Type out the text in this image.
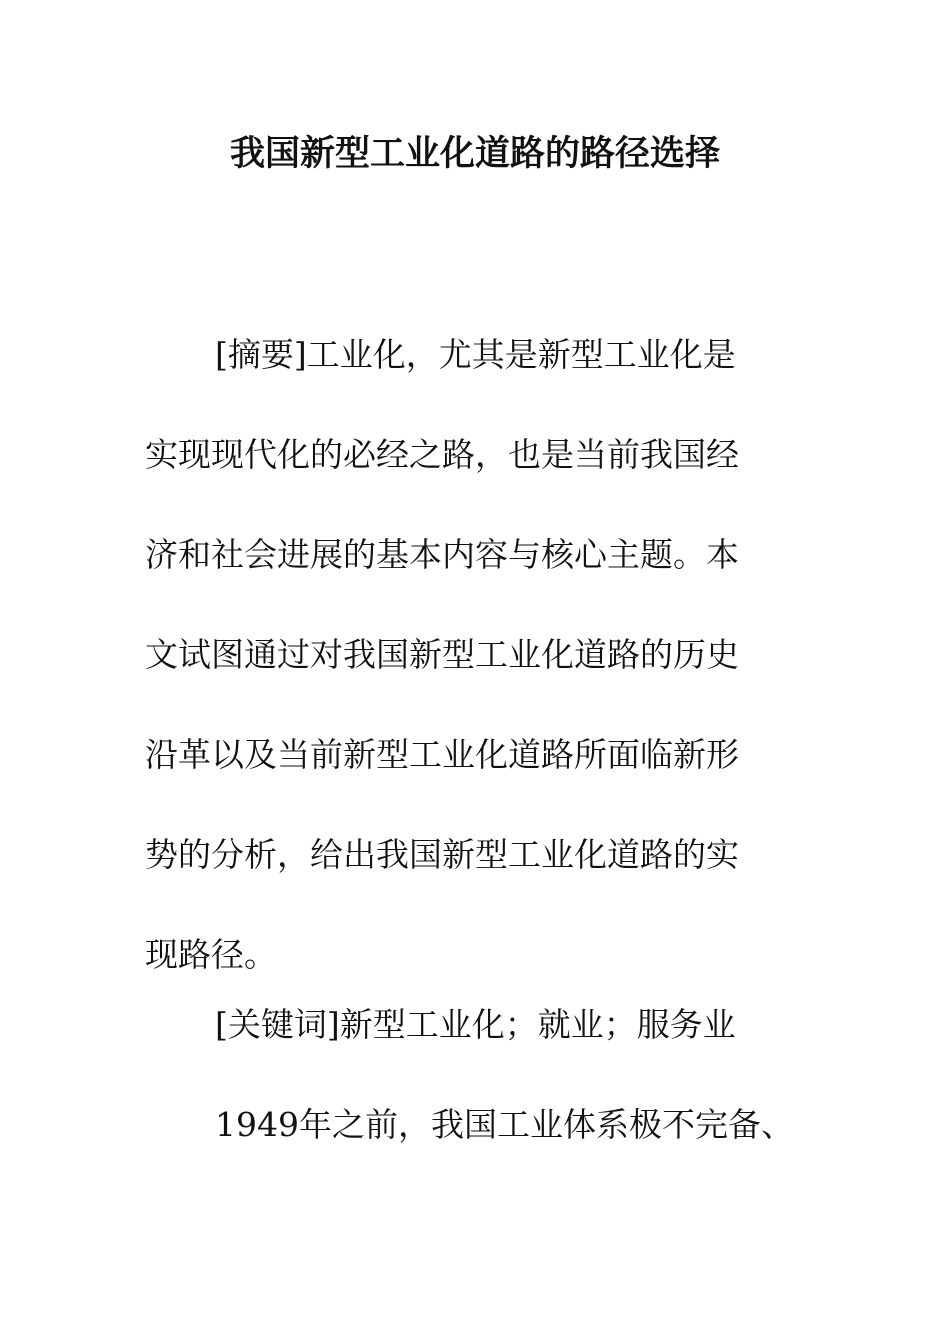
我国新型工业化道路的路径选择
[摘要]工业化，尤其是新型工业化是
实现现代化的必经之路，也是当前我国经
济和社会进展的基本内容与核心主题。本
文试图通过对我国新型工业化道路的历史
沿革以及当前新型工业化道路所面临新形
势的分析，给出我国新型工业化道路的实
现路径。

[关键词]新型工业化；就业；服务业

1949年之前，我国工业体系极不完备、
